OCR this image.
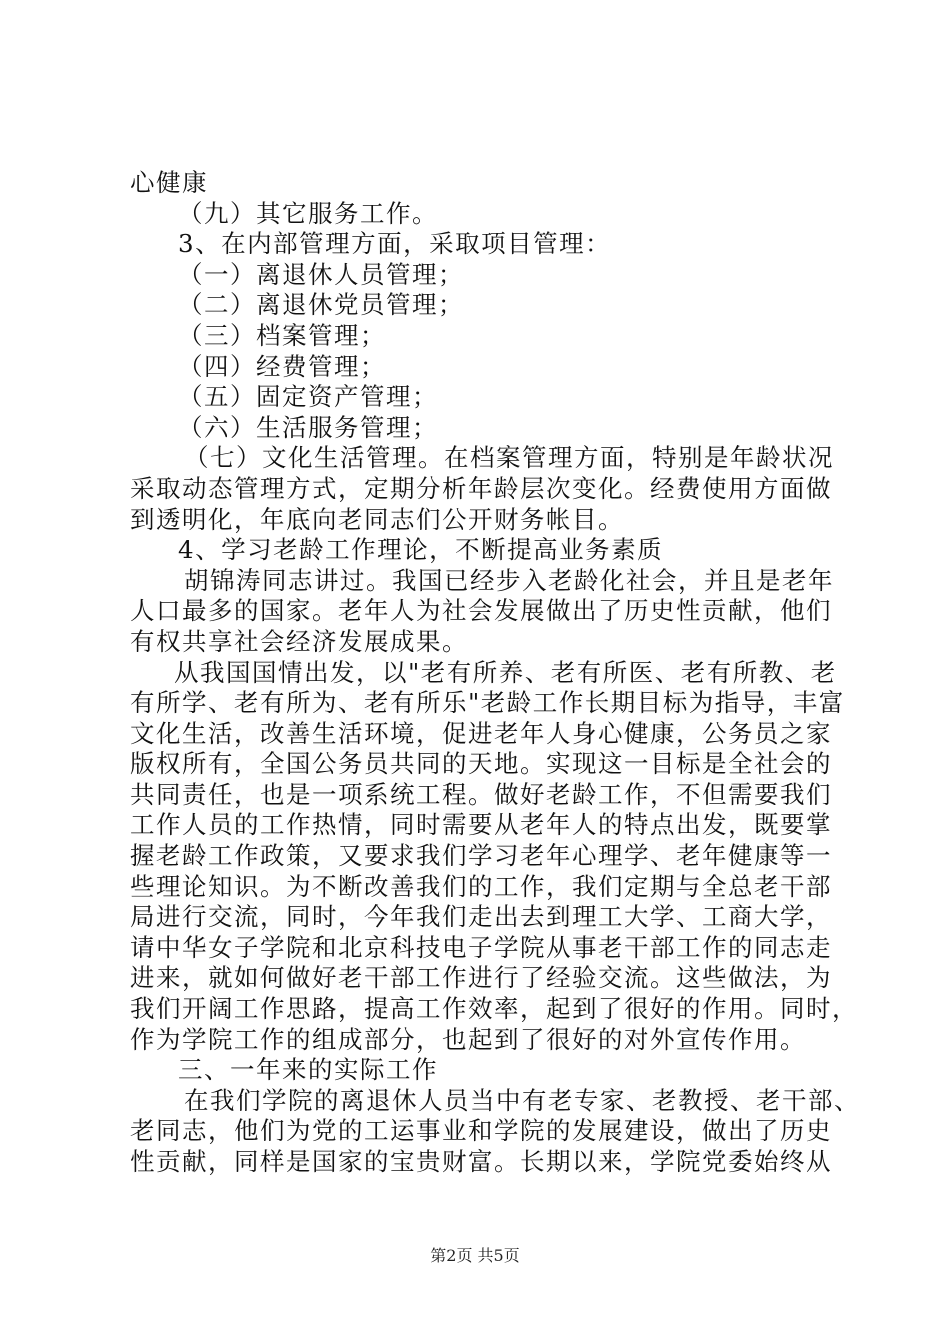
心健康
（九）其它服务工作。
3、在内部管理方面，采取项目管理：
（一）离退休人员管理；
（二）离退休党员管理；
（三）档案管理；
（四）经费管理；
（五）固定资产管理；
（六）生活服务管理；
（七）文化生活管理。在档案管理方面，特别是年龄状况
采取动态管理方式，定期分析年龄层次变化。经费使用方面做
到透明化，年底向老同志们公开财务帐目。
4、学习老龄工作理论，不断提高业务素质
胡锦涛同志讲过。我国已经步入老龄化社会，并且是老年
人口最多的国家。老年人为社会发展做出了历史性贡献，他们
有权共享社会经济发展成果。
从我国国情出发，以"老有所养、老有所医、老有所教、老
有所学、老有所为、老有所乐"老龄工作长期目标为指导，丰富
文化生活，改善生活环境，促进老年人身心健康，公务员之家
版权所有，全国公务员共同的天地。实现这一目标是全社会的
共同责任，也是一项系统工程。做好老龄工作，不但需要我们
工作人员的工作热情，同时需要从老年人的特点出发，既要掌
握老龄工作政策，又要求我们学习老年心理学、老年健康等一
些理论知识。为不断改善我们的工作，我们定期与全总老干部
局进行交流，同时，今年我们走出去到理工大学、工商大学，
请中华女子学院和北京科技电子学院从事老干部工作的同志走
进来，就如何做好老干部工作进行了经验交流。这些做法，为
我们开阔工作思路，提高工作效率，起到了很好的作用。同时，
作为学院工作的组成部分，也起到了很好的对外宣传作用。
三、一年来的实际工作
在我们学院的离退休人员当中有老专家、老教授、老干部、
老同志，他们为党的工运事业和学院的发展建设，做出了历史
性贡献，同样是国家的宝贵财富。长期以来，学院党委始终从
第2页 共5页
